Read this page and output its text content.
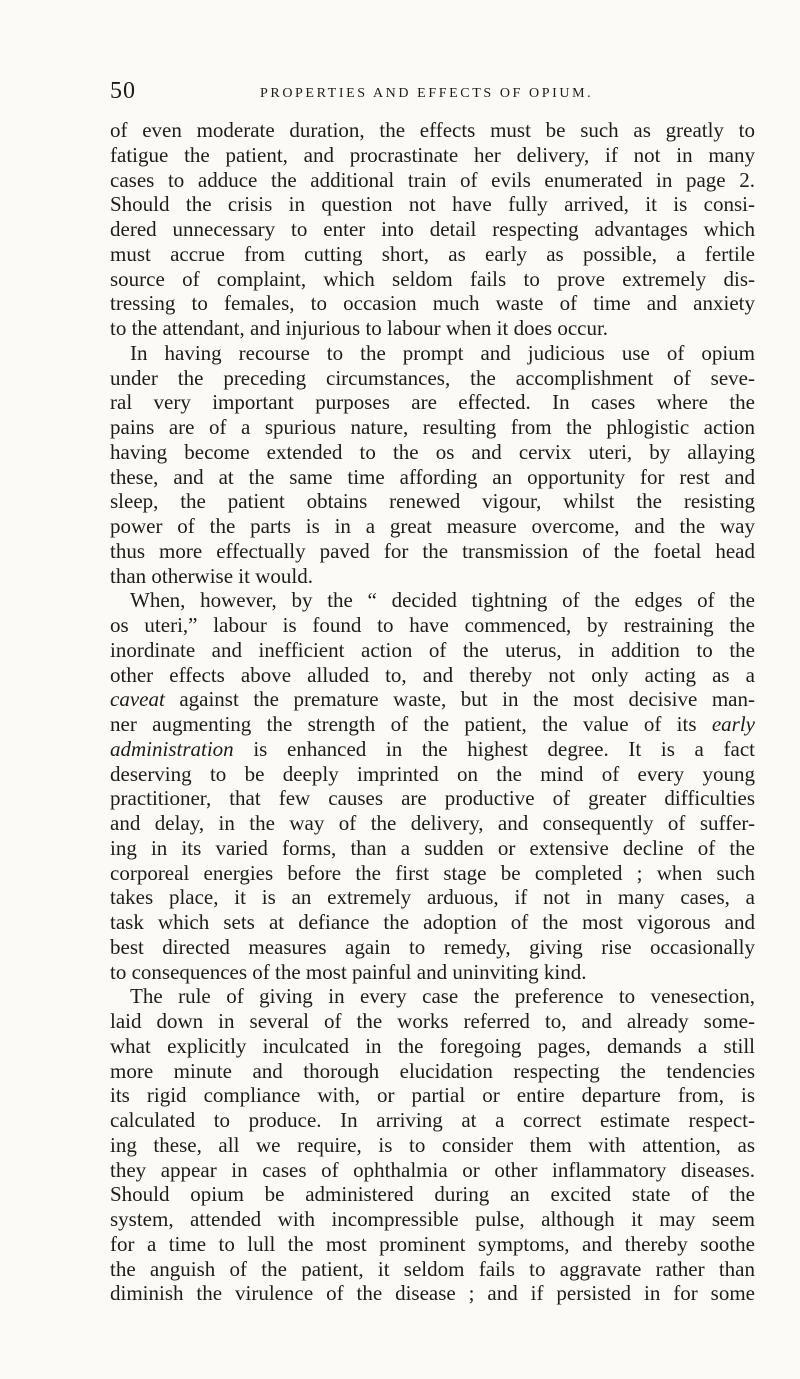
50	PROPERTIES AND EFFECTS OF OPIUM.
of even moderate duration, the effects must be such as greatly to
fatigue the patient, and procrastinate her delivery, if not in many
cases to adduce the additional train of evils enumerated in page 2.
Should the crisis in question not have fully arrived, it is consi-
dered unnecessary to enter into detail respecting advantages which
must accrue from cutting short, as early as possible, a fertile
source of complaint, which seldom fails to prove extremely dis-
tressing to females, to occasion much waste of time and anxiety
to the attendant, and injurious to labour when it does occur.
In having recourse to the prompt and judicious use of opium
under the preceding circumstances, the accomplishment of seve-
ral very important purposes are effected. In cases where the
pains are of a spurious nature, resulting from the phlogistic action
having become extended to the os and cervix uteri, by allaying
these, and at the same time affording an opportunity for rest and
sleep, the patient obtains renewed vigour, whilst the resisting
power of the parts is in a great measure overcome, and the way
thus more effectually paved for the transmission of the foetal head
than otherwise it would.
When, however, by the “ decided tightning of the edges of the
os uteri,” labour is found to have commenced, by restraining the
inordinate and inefficient action of the uterus, in addition to the
other effects above alluded to, and thereby not only acting as a
caveat against the premature waste, but in the most decisive man-
ner augmenting the strength of the patient, the value of its early
administration is enhanced in the highest degree. It is a fact
deserving to be deeply imprinted on the mind of every young
practitioner, that few causes are productive of greater difficulties
and delay, in the way of the delivery, and consequently of suffer-
ing in its varied forms, than a sudden or extensive decline of the
corporeal energies before the first stage be completed ; when such
takes place, it is an extremely arduous, if not in many cases, a
task which sets at defiance the adoption of the most vigorous and
best directed measures again to remedy, giving rise occasionally
to consequences of the most painful and uninviting kind.
The rule of giving in every case the preference to venesection,
laid down in several of the works referred to, and already some-
what explicitly inculcated in the foregoing pages, demands a still
more minute and thorough elucidation respecting the tendencies
its rigid compliance with, or partial or entire departure from, is
calculated to produce. In arriving at a correct estimate respect-
ing these, all we require, is to consider them with attention, as
they appear in cases of ophthalmia or other inflammatory diseases.
Should opium be administered during an excited state of the
system, attended with incompressible pulse, although it may seem
for a time to lull the most prominent symptoms, and thereby soothe
the anguish of the patient, it seldom fails to aggravate rather than
diminish the virulence of the disease ; and if persisted in for some
